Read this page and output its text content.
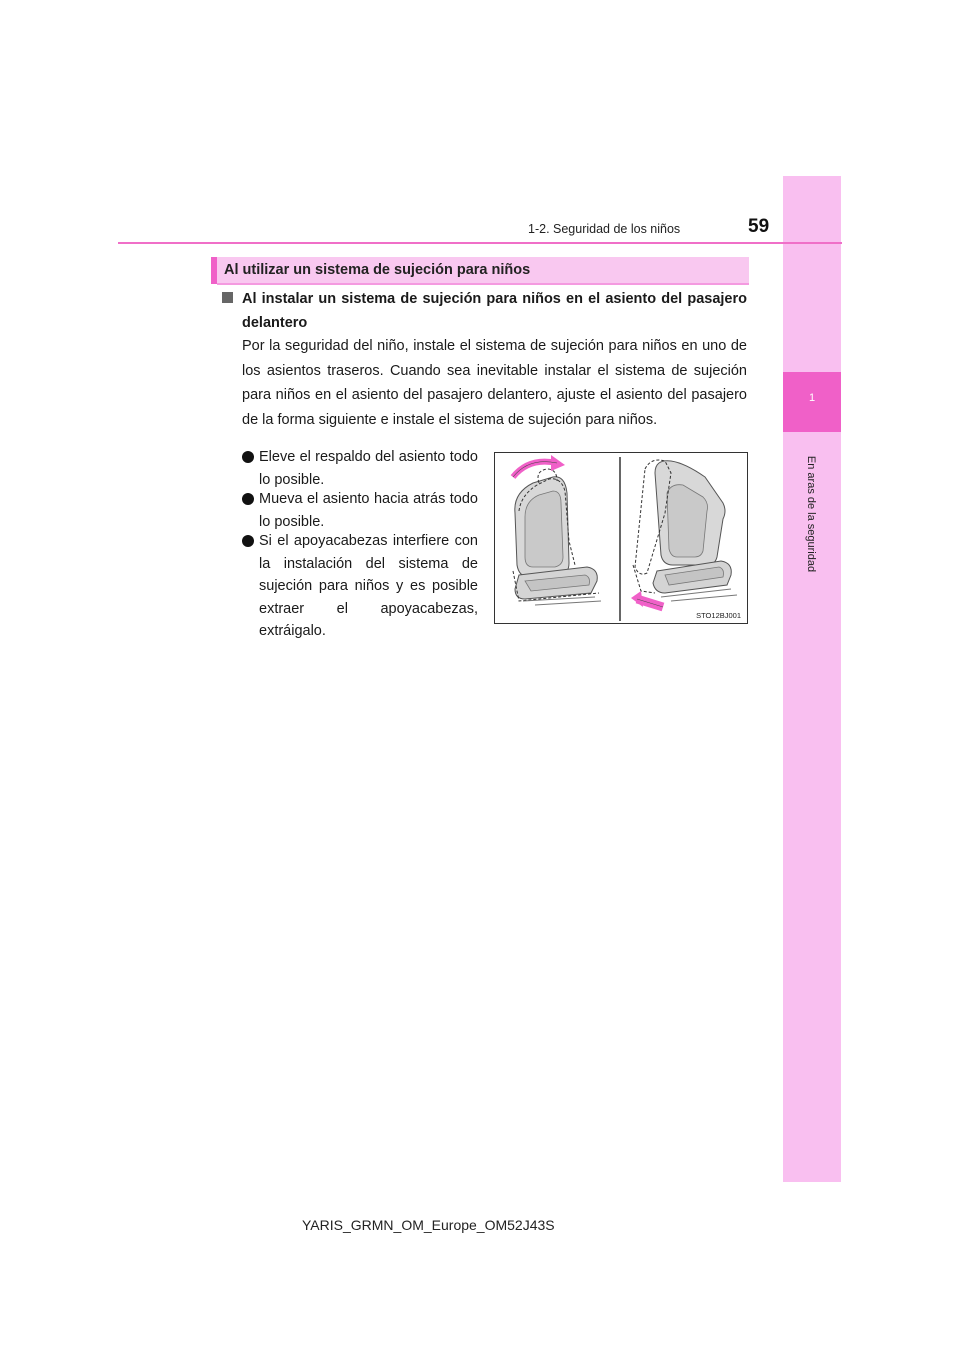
1
En aras de la seguridad
1-2. Seguridad de los niños	59
Al utilizar un sistema de sujeción para niños
Al instalar un sistema de sujeción para niños en el asiento del pasajero delantero
Por la seguridad del niño, instale el sistema de sujeción para niños en uno de los asientos traseros. Cuando sea inevitable instalar el sistema de sujeción para niños en el asiento del pasajero delantero, ajuste el asiento del pasajero de la forma siguiente e instale el sistema de sujeción para niños.
Eleve el respaldo del asiento todo lo posible.
Mueva el asiento hacia atrás todo lo posible.
Si el apoyacabezas interfiere con la instalación del sistema de sujeción para niños y es posible extraer el apoyacabezas, extráigalo.
STO12BJ001
YARIS_GRMN_OM_Europe_OM52J43S
